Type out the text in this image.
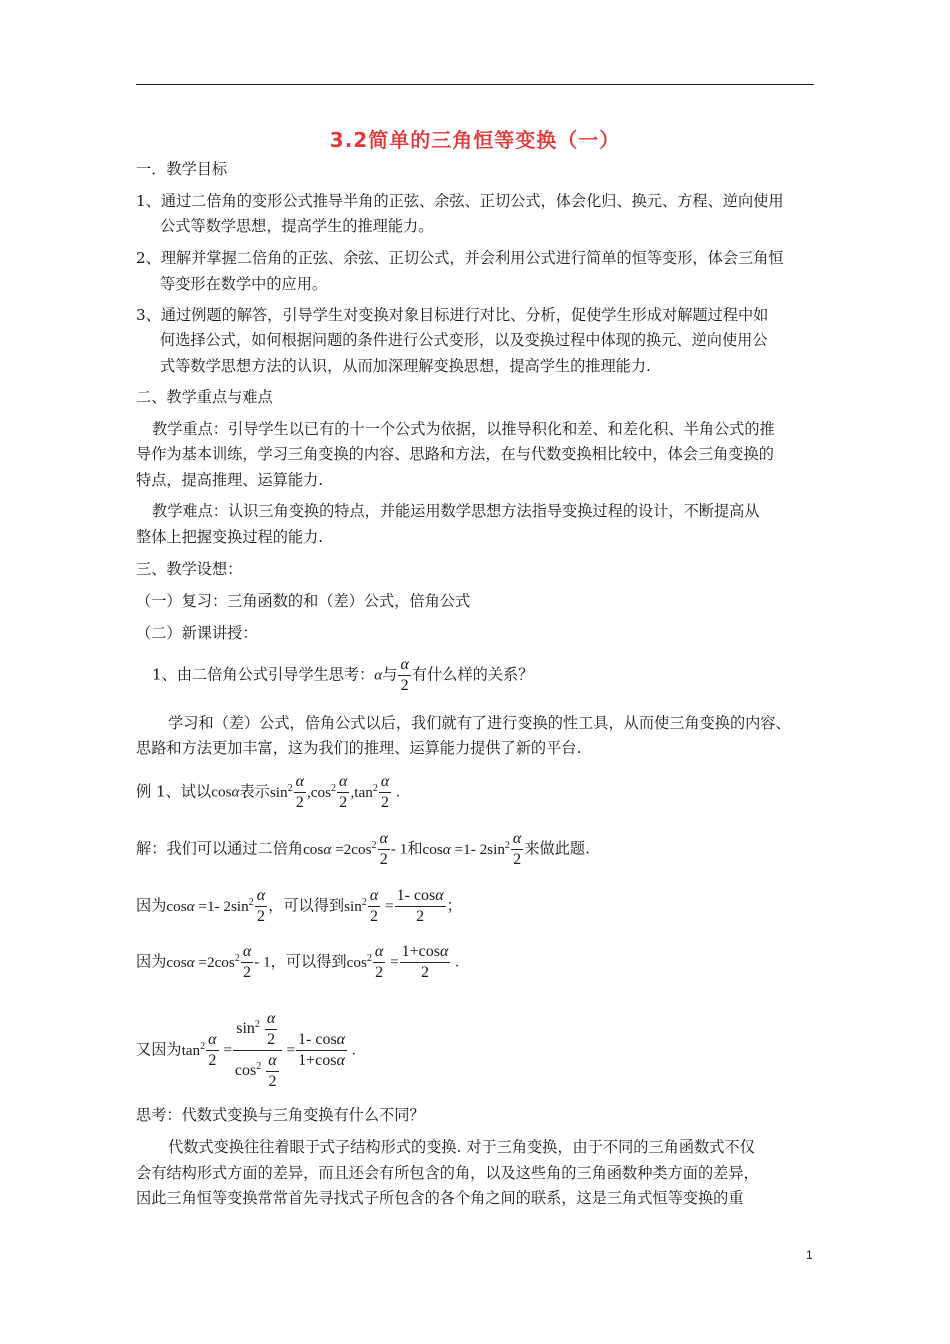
3.2简单的三角恒等变换（一）
一．教学目标
1、通过二倍角的变形公式推导半角的正弦、余弦、正切公式，体会化归、换元、方程、逆向使用
公式等数学思想，提高学生的推理能力。
2、理解并掌握二倍角的正弦、余弦、正切公式，并会利用公式进行简单的恒等变形，体会三角恒
等变形在数学中的应用。
3、通过例题的解答，引导学生对变换对象目标进行对比、分析，促使学生形成对解题过程中如
何选择公式，如何根据问题的条件进行公式变形，以及变换过程中体现的换元、逆向使用公
式等数学思想方法的认识，从而加深理解变换思想，提高学生的推理能力.
二、教学重点与难点
教学重点：引导学生以已有的十一个公式为依据，以推导积化和差、和差化积、半角公式的推
导作为基本训练，学习三角变换的内容、思路和方法，在与代数变换相比较中，体会三角变换的
特点，提高推理、运算能力.
教学难点：认识三角变换的特点，并能运用数学思想方法指导变换过程的设计，不断提高从
整体上把握变换过程的能力.
三、教学设想：
（一）复习：三角函数的和（差）公式，倍角公式
（二）新课讲授：
1、由二倍角公式引导学生思考：α与 $\frac{\alpha}{2}$ 有什么样的关系？
学习和（差）公式，倍角公式以后，我们就有了进行变换的性工具，从而使三角变换的内容、
思路和方法更加丰富，这为我们的推理、运算能力提供了新的平台.
例 1、试以cosα表示$\sin^2 \frac{\alpha}{2} ,\cos^2 \frac{\alpha}{2} ,\tan^2 \frac{\alpha}{2}$ .
解：我们可以通过二倍角$\cos\alpha =2\cos^2 \frac{\alpha}{2} - 1$和cosα =1- $2\sin^2 \frac{\alpha}{2}$ 来做此题.
因为cosα =1- $2\sin^2 \frac{\alpha}{2}$ ，可以得到$\sin^2 \frac{\alpha}{2} = \frac{1- \cos\alpha}{2}$ ；
因为$\cos\alpha =2\cos^2 \frac{\alpha}{2} - 1$，可以得到$\cos^2 \frac{\alpha}{2} = \frac{1+\cos\alpha}{2}$ .
又因为$\tan^2 \frac{\alpha}{2} = \frac{\sin^2 \frac{\alpha}{2}}{\cos^2 \frac{\alpha}{2}} = \frac{1- \cos\alpha}{1+\cos\alpha}$ .
思考：代数式变换与三角变换有什么不同？
代数式变换往往着眼于式子结构形式的变换. 对于三角变换，由于不同的三角函数式不仅
会有结构形式方面的差异，而且还会有所包含的角，以及这些角的三角函数种类方面的差异，
因此三角恒等变换常常首先寻找式子所包含的各个角之间的联系，这是三角式恒等变换的重
1
